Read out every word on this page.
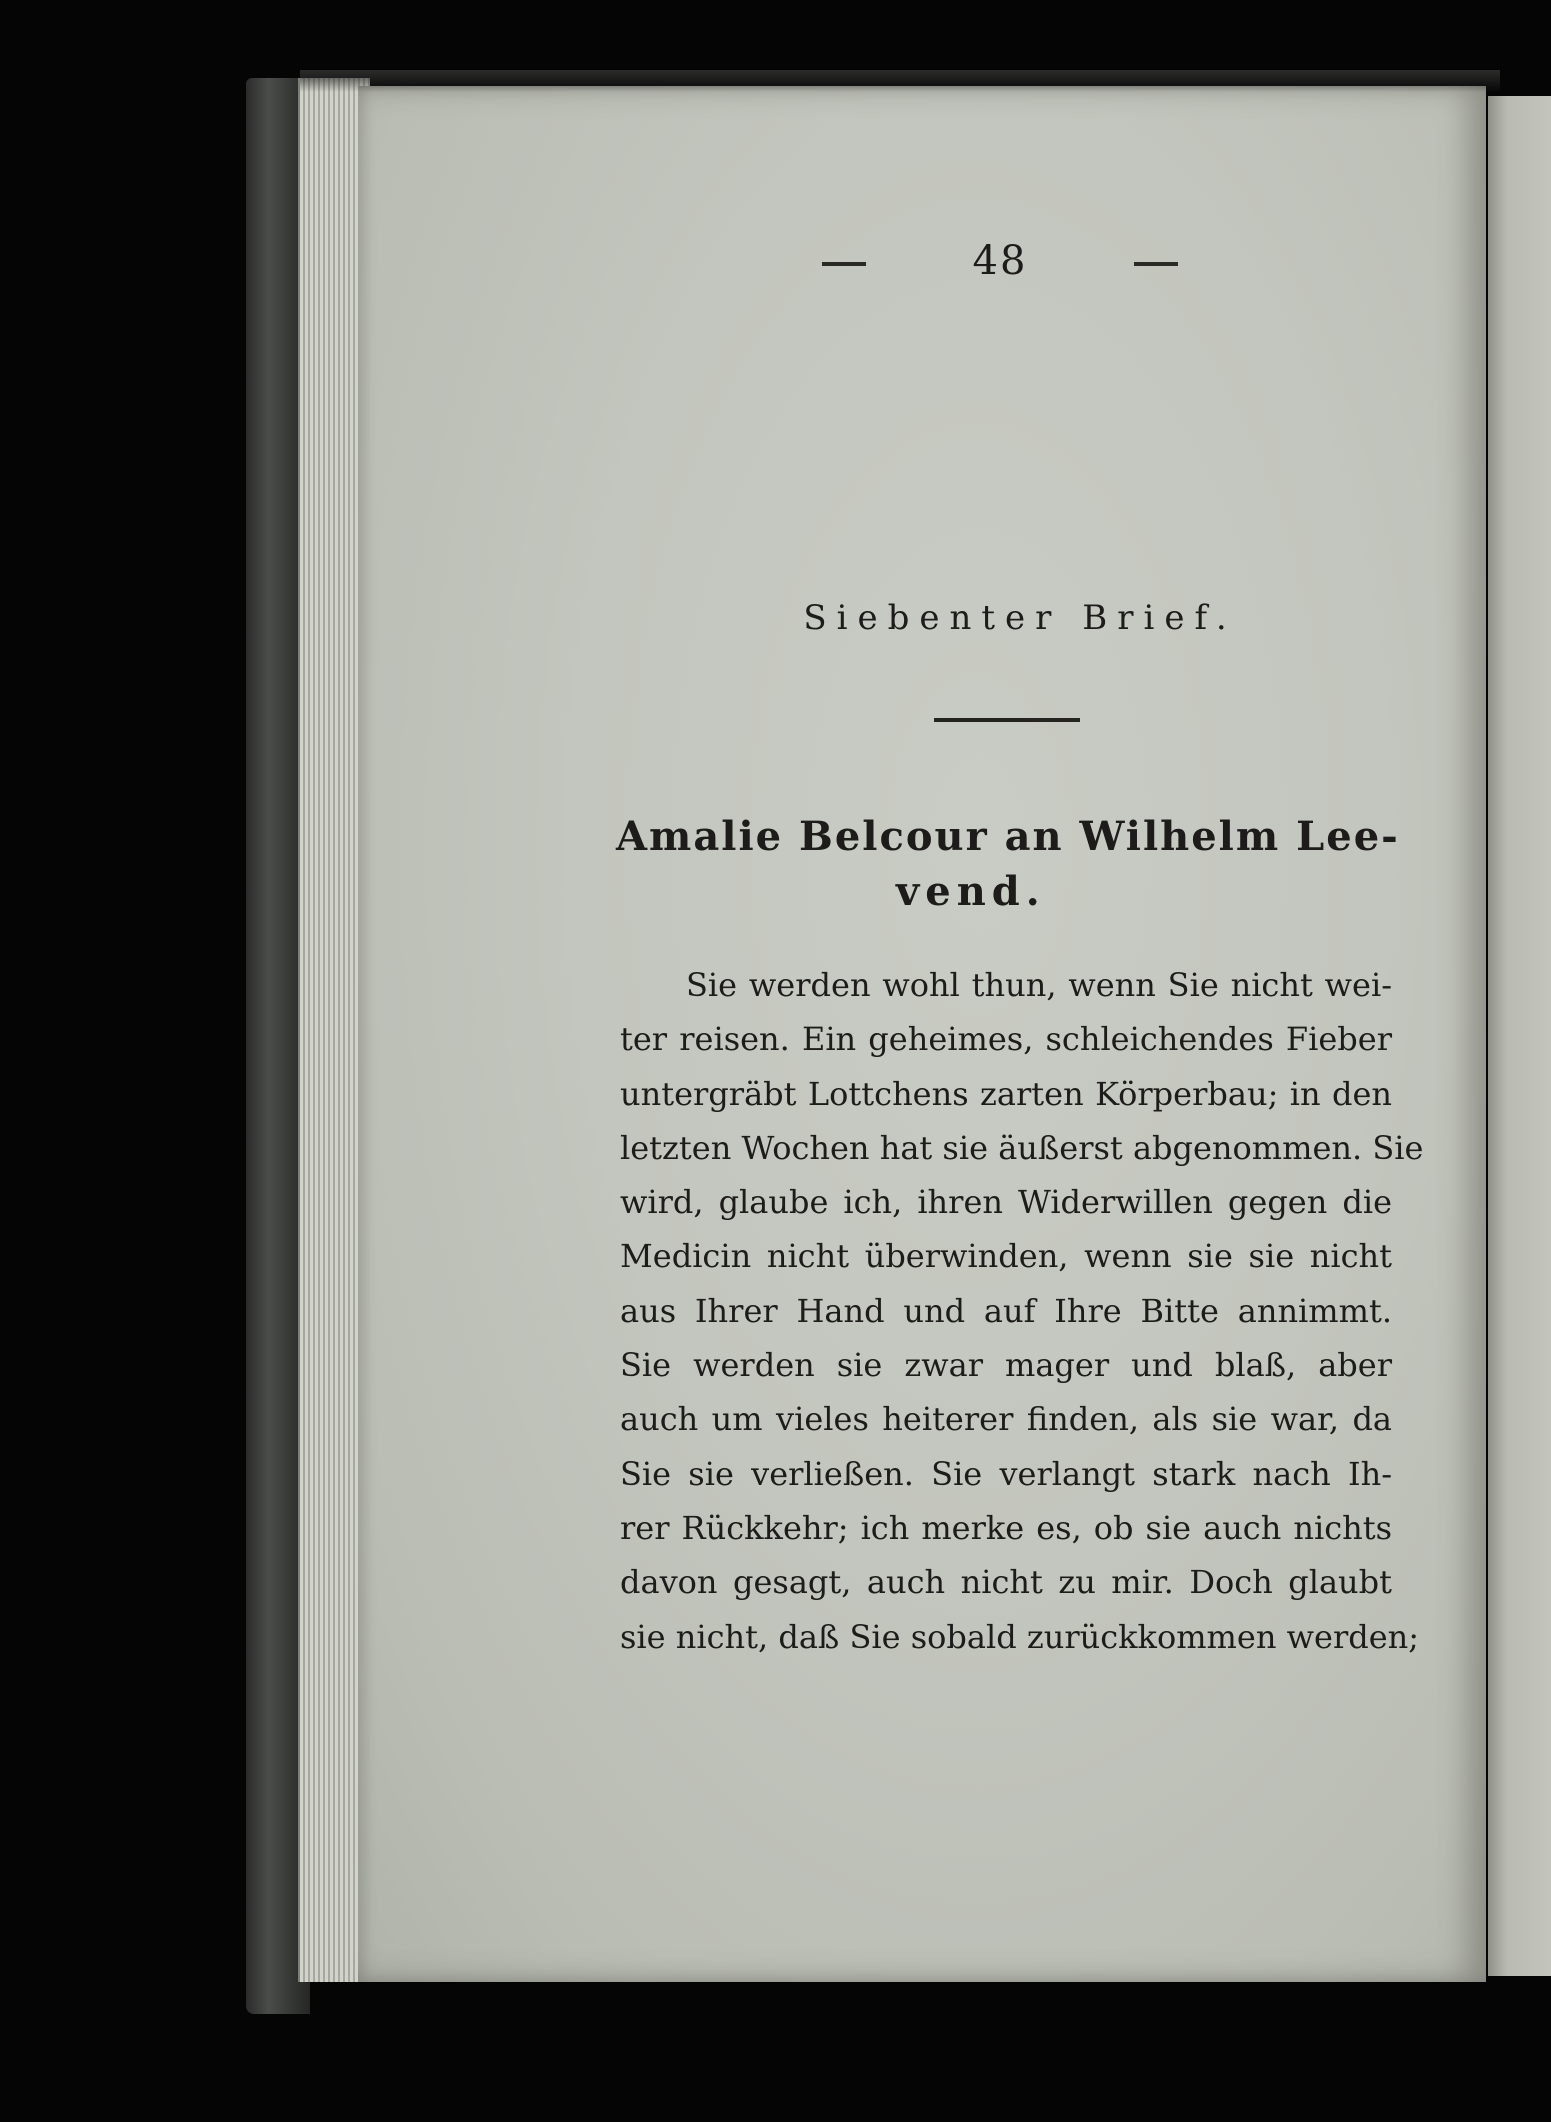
48
Siebenter Brief.
Amalie Belcour an Wilhelm Lee-
vend.
Sie werden wohl thun, wenn Sie nicht wei-
ter reisen. Ein geheimes, schleichendes Fieber
untergräbt Lottchens zarten Körperbau; in den
letzten Wochen hat sie äußerst abgenommen. Sie
wird, glaube ich, ihren Widerwillen gegen die
Medicin nicht überwinden, wenn sie sie nicht
aus Ihrer Hand und auf Ihre Bitte annimmt.
Sie werden sie zwar mager und blaß, aber
auch um vieles heiterer finden, als sie war, da
Sie sie verließen. Sie verlangt stark nach Ih-
rer Rückkehr; ich merke es, ob sie auch nichts
davon gesagt, auch nicht zu mir. Doch glaubt
sie nicht, daß Sie sobald zurückkommen werden;
